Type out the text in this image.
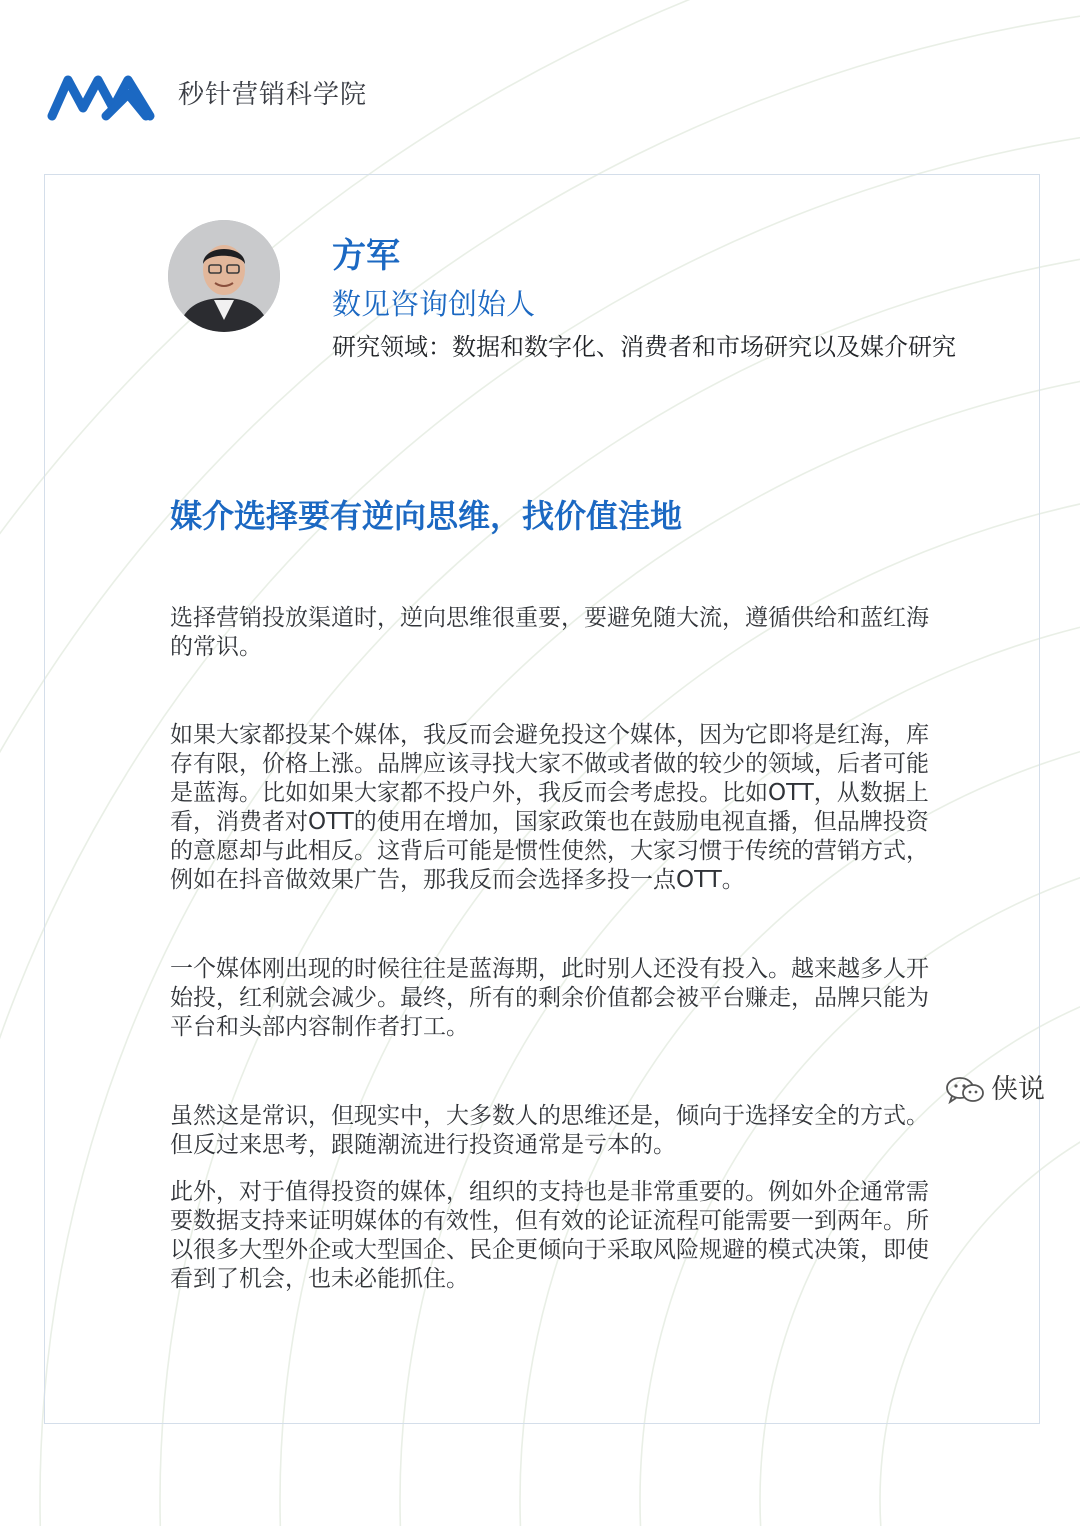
秒针营销科学院
方军
数见咨询创始人
研究领域：数据和数字化、消费者和市场研究以及媒介研究
媒介选择要有逆向思维，找价值洼地

选择营销投放渠道时，逆向思维很重要，要避免随大流，遵循供给和蓝红海的常识。

如果大家都投某个媒体，我反而会避免投这个媒体，因为它即将是红海，库存有限，价格上涨。品牌应该寻找大家不做或者做的较少的领域，后者可能是蓝海。比如如果大家都不投户外，我反而会考虑投。比如OTT，从数据上看，消费者对OTT的使用在增加，国家政策也在鼓励电视直播，但品牌投资的意愿却与此相反。这背后可能是惯性使然，大家习惯于传统的营销方式，例如在抖音做效果广告，那我反而会选择多投一点OTT。

一个媒体刚出现的时候往往是蓝海期，此时别人还没有投入。越来越多人开始投，红利就会减少。最终，所有的剩余价值都会被平台赚走，品牌只能为平台和头部内容制作者打工。

虽然这是常识，但现实中，大多数人的思维还是，倾向于选择安全的方式。但反过来思考，跟随潮流进行投资通常是亏本的。

此外，对于值得投资的媒体，组织的支持也是非常重要的。例如外企通常需要数据支持来证明媒体的有效性，但有效的论证流程可能需要一到两年。所以很多大型外企或大型国企、民企更倾向于采取风险规避的模式决策，即使看到了机会，也未必能抓住。

侠说
